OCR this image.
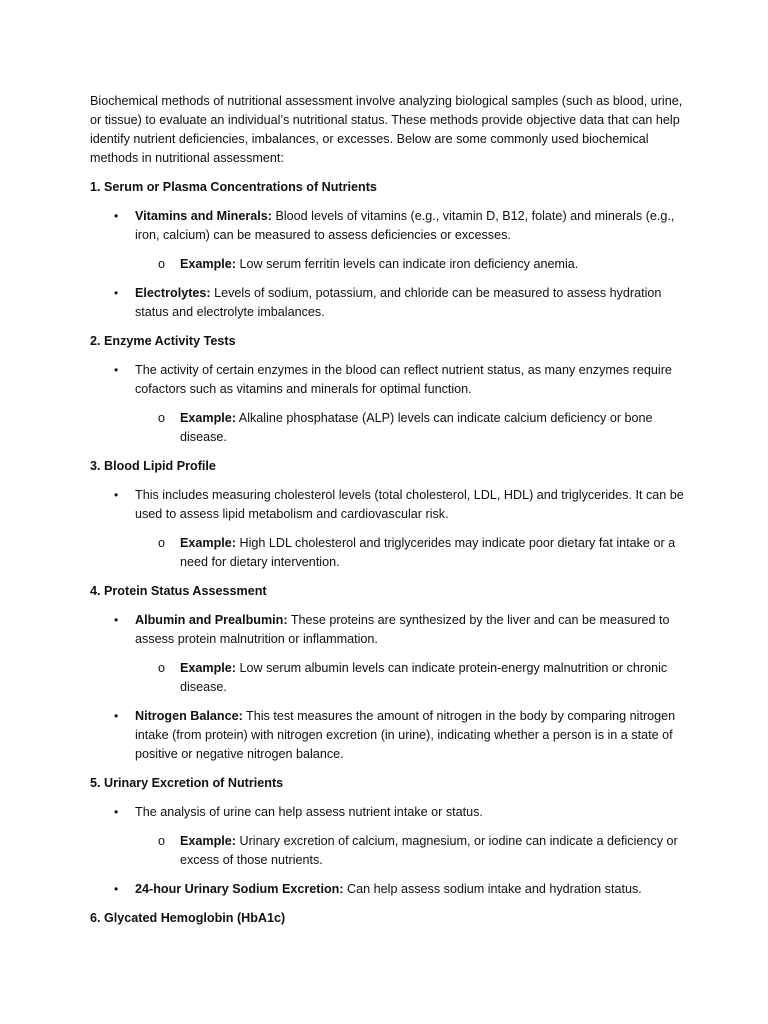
Biochemical methods of nutritional assessment involve analyzing biological samples (such as blood, urine, or tissue) to evaluate an individual’s nutritional status. These methods provide objective data that can help identify nutrient deficiencies, imbalances, or excesses. Below are some commonly used biochemical methods in nutritional assessment:

1. Serum or Plasma Concentrations of Nutrients

• Vitamins and Minerals: Blood levels of vitamins (e.g., vitamin D, B12, folate) and minerals (e.g., iron, calcium) can be measured to assess deficiencies or excesses.
o Example: Low serum ferritin levels can indicate iron deficiency anemia.
• Electrolytes: Levels of sodium, potassium, and chloride can be measured to assess hydration status and electrolyte imbalances.

2. Enzyme Activity Tests

• The activity of certain enzymes in the blood can reflect nutrient status, as many enzymes require cofactors such as vitamins and minerals for optimal function.
o Example: Alkaline phosphatase (ALP) levels can indicate calcium deficiency or bone disease.

3. Blood Lipid Profile

• This includes measuring cholesterol levels (total cholesterol, LDL, HDL) and triglycerides. It can be used to assess lipid metabolism and cardiovascular risk.
o Example: High LDL cholesterol and triglycerides may indicate poor dietary fat intake or a need for dietary intervention.

4. Protein Status Assessment

• Albumin and Prealbumin: These proteins are synthesized by the liver and can be measured to assess protein malnutrition or inflammation.
o Example: Low serum albumin levels can indicate protein-energy malnutrition or chronic disease.
• Nitrogen Balance: This test measures the amount of nitrogen in the body by comparing nitrogen intake (from protein) with nitrogen excretion (in urine), indicating whether a person is in a state of positive or negative nitrogen balance.

5. Urinary Excretion of Nutrients

• The analysis of urine can help assess nutrient intake or status.
o Example: Urinary excretion of calcium, magnesium, or iodine can indicate a deficiency or excess of those nutrients.
• 24-hour Urinary Sodium Excretion: Can help assess sodium intake and hydration status.

6. Glycated Hemoglobin (HbA1c)
